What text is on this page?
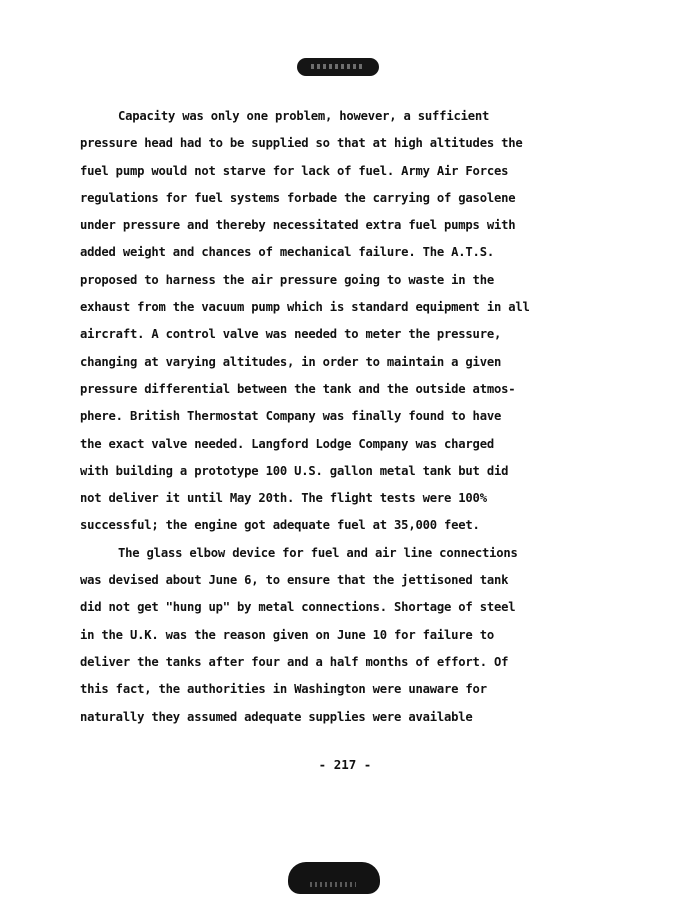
Capacity was only one problem, however, a sufficient
pressure head had to be supplied so that at high altitudes the
fuel pump would not starve for lack of fuel. Army Air Forces
regulations for fuel systems forbade the carrying of gasolene
under pressure and thereby necessitated extra fuel pumps with
added weight and chances of mechanical failure. The A.T.S.
proposed to harness the air pressure going to waste in the
exhaust from the vacuum pump which is standard equipment in all
aircraft. A control valve was needed to meter the pressure,
changing at varying altitudes, in order to maintain a given
pressure differential between the tank and the outside atmos-
phere. British Thermostat Company was finally found to have
the exact valve needed. Langford Lodge Company was charged
with building a prototype 100 U.S. gallon metal tank but did
not deliver it until May 20th. The flight tests were 100%
successful; the engine got adequate fuel at 35,000 feet.
The glass elbow device for fuel and air line connections
was devised about June 6, to ensure that the jettisoned tank
did not get "hung up" by metal connections. Shortage of steel
in the U.K. was the reason given on June 10 for failure to
deliver the tanks after four and a half months of effort. Of
this fact, the authorities in Washington were unaware for
naturally they assumed adequate supplies were available
- 217 -
